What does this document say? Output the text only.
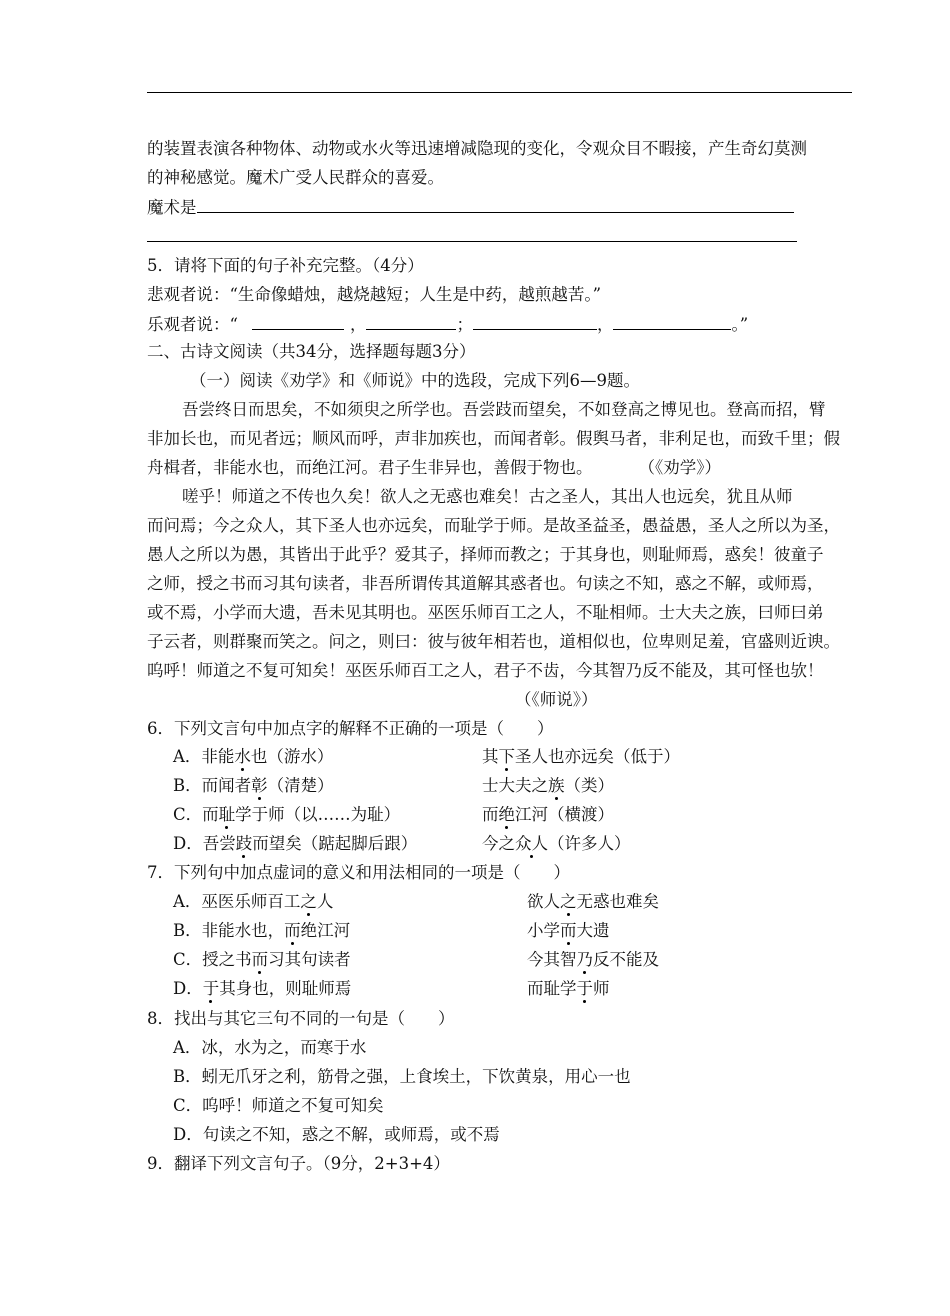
的装置表演各种物体、动物或水火等迅速增减隐现的变化，令观众目不暇接，产生奇幻莫测
的神秘感觉。魔术广受人民群众的喜爱。
魔术是
5．请将下面的句子补充完整。（4分）
悲观者说：“生命像蜡烛，越烧越短；人生是中药，越煎越苦。”
乐观者说：“	，	；	，	。”
二、古诗文阅读（共34分，选择题每题3分）
（一）阅读《劝学》和《师说》中的选段，完成下列6—9题。
吾尝终日而思矣，不如须臾之所学也。吾尝跂而望矣，不如登高之博见也。登高而招，臂
非加长也，而见者远；顺风而呼，声非加疾也，而闻者彰。假舆马者，非利足也，而致千里；假
舟楫者，非能水也，而绝江河。君子生非异也，善假于物也。	（《劝学》）
嗟乎！师道之不传也久矣！欲人之无惑也难矣！古之圣人，其出人也远矣，犹且从师
而问焉；今之众人，其下圣人也亦远矣，而耻学于师。是故圣益圣，愚益愚，圣人之所以为圣，
愚人之所以为愚，其皆出于此乎？爱其子，择师而教之；于其身也，则耻师焉，惑矣！彼童子
之师，授之书而习其句读者，非吾所谓传其道解其惑者也。句读之不知，惑之不解，或师焉，
或不焉，小学而大遗，吾未见其明也。巫医乐师百工之人，不耻相师。士大夫之族，曰师曰弟
子云者，则群聚而笑之。问之，则曰：彼与彼年相若也，道相似也，位卑则足羞，官盛则近谀。
呜呼！师道之不复可知矣！巫医乐师百工之人，君子不齿，今其智乃反不能及，其可怪也欤！
（《师说》）
6．下列文言句中加点字的解释不正确的一项是（　　）
A．非能水也（游水）	其下圣人也亦远矣（低于）
B．而闻者彰（清楚）	士大夫之族（类）
C．而耻学于师（以……为耻）	而绝江河（横渡）
D．吾尝跂而望矣（踮起脚后跟）	今之众人（许多人）
7．下列句中加点虚词的意义和用法相同的一项是（　　）
A．巫医乐师百工之人	欲人之无惑也难矣
B．非能水也，而绝江河	小学而大遗
C．授之书而习其句读者	今其智乃反不能及
D．于其身也，则耻师焉	而耻学于师
8．找出与其它三句不同的一句是（　　）
A．冰，水为之，而寒于水
B．蚓无爪牙之利，筋骨之强，上食埃土，下饮黄泉，用心一也
C．呜呼！师道之不复可知矣
D．句读之不知，惑之不解，或师焉，或不焉
9．翻译下列文言句子。（9分，2+3+4）
